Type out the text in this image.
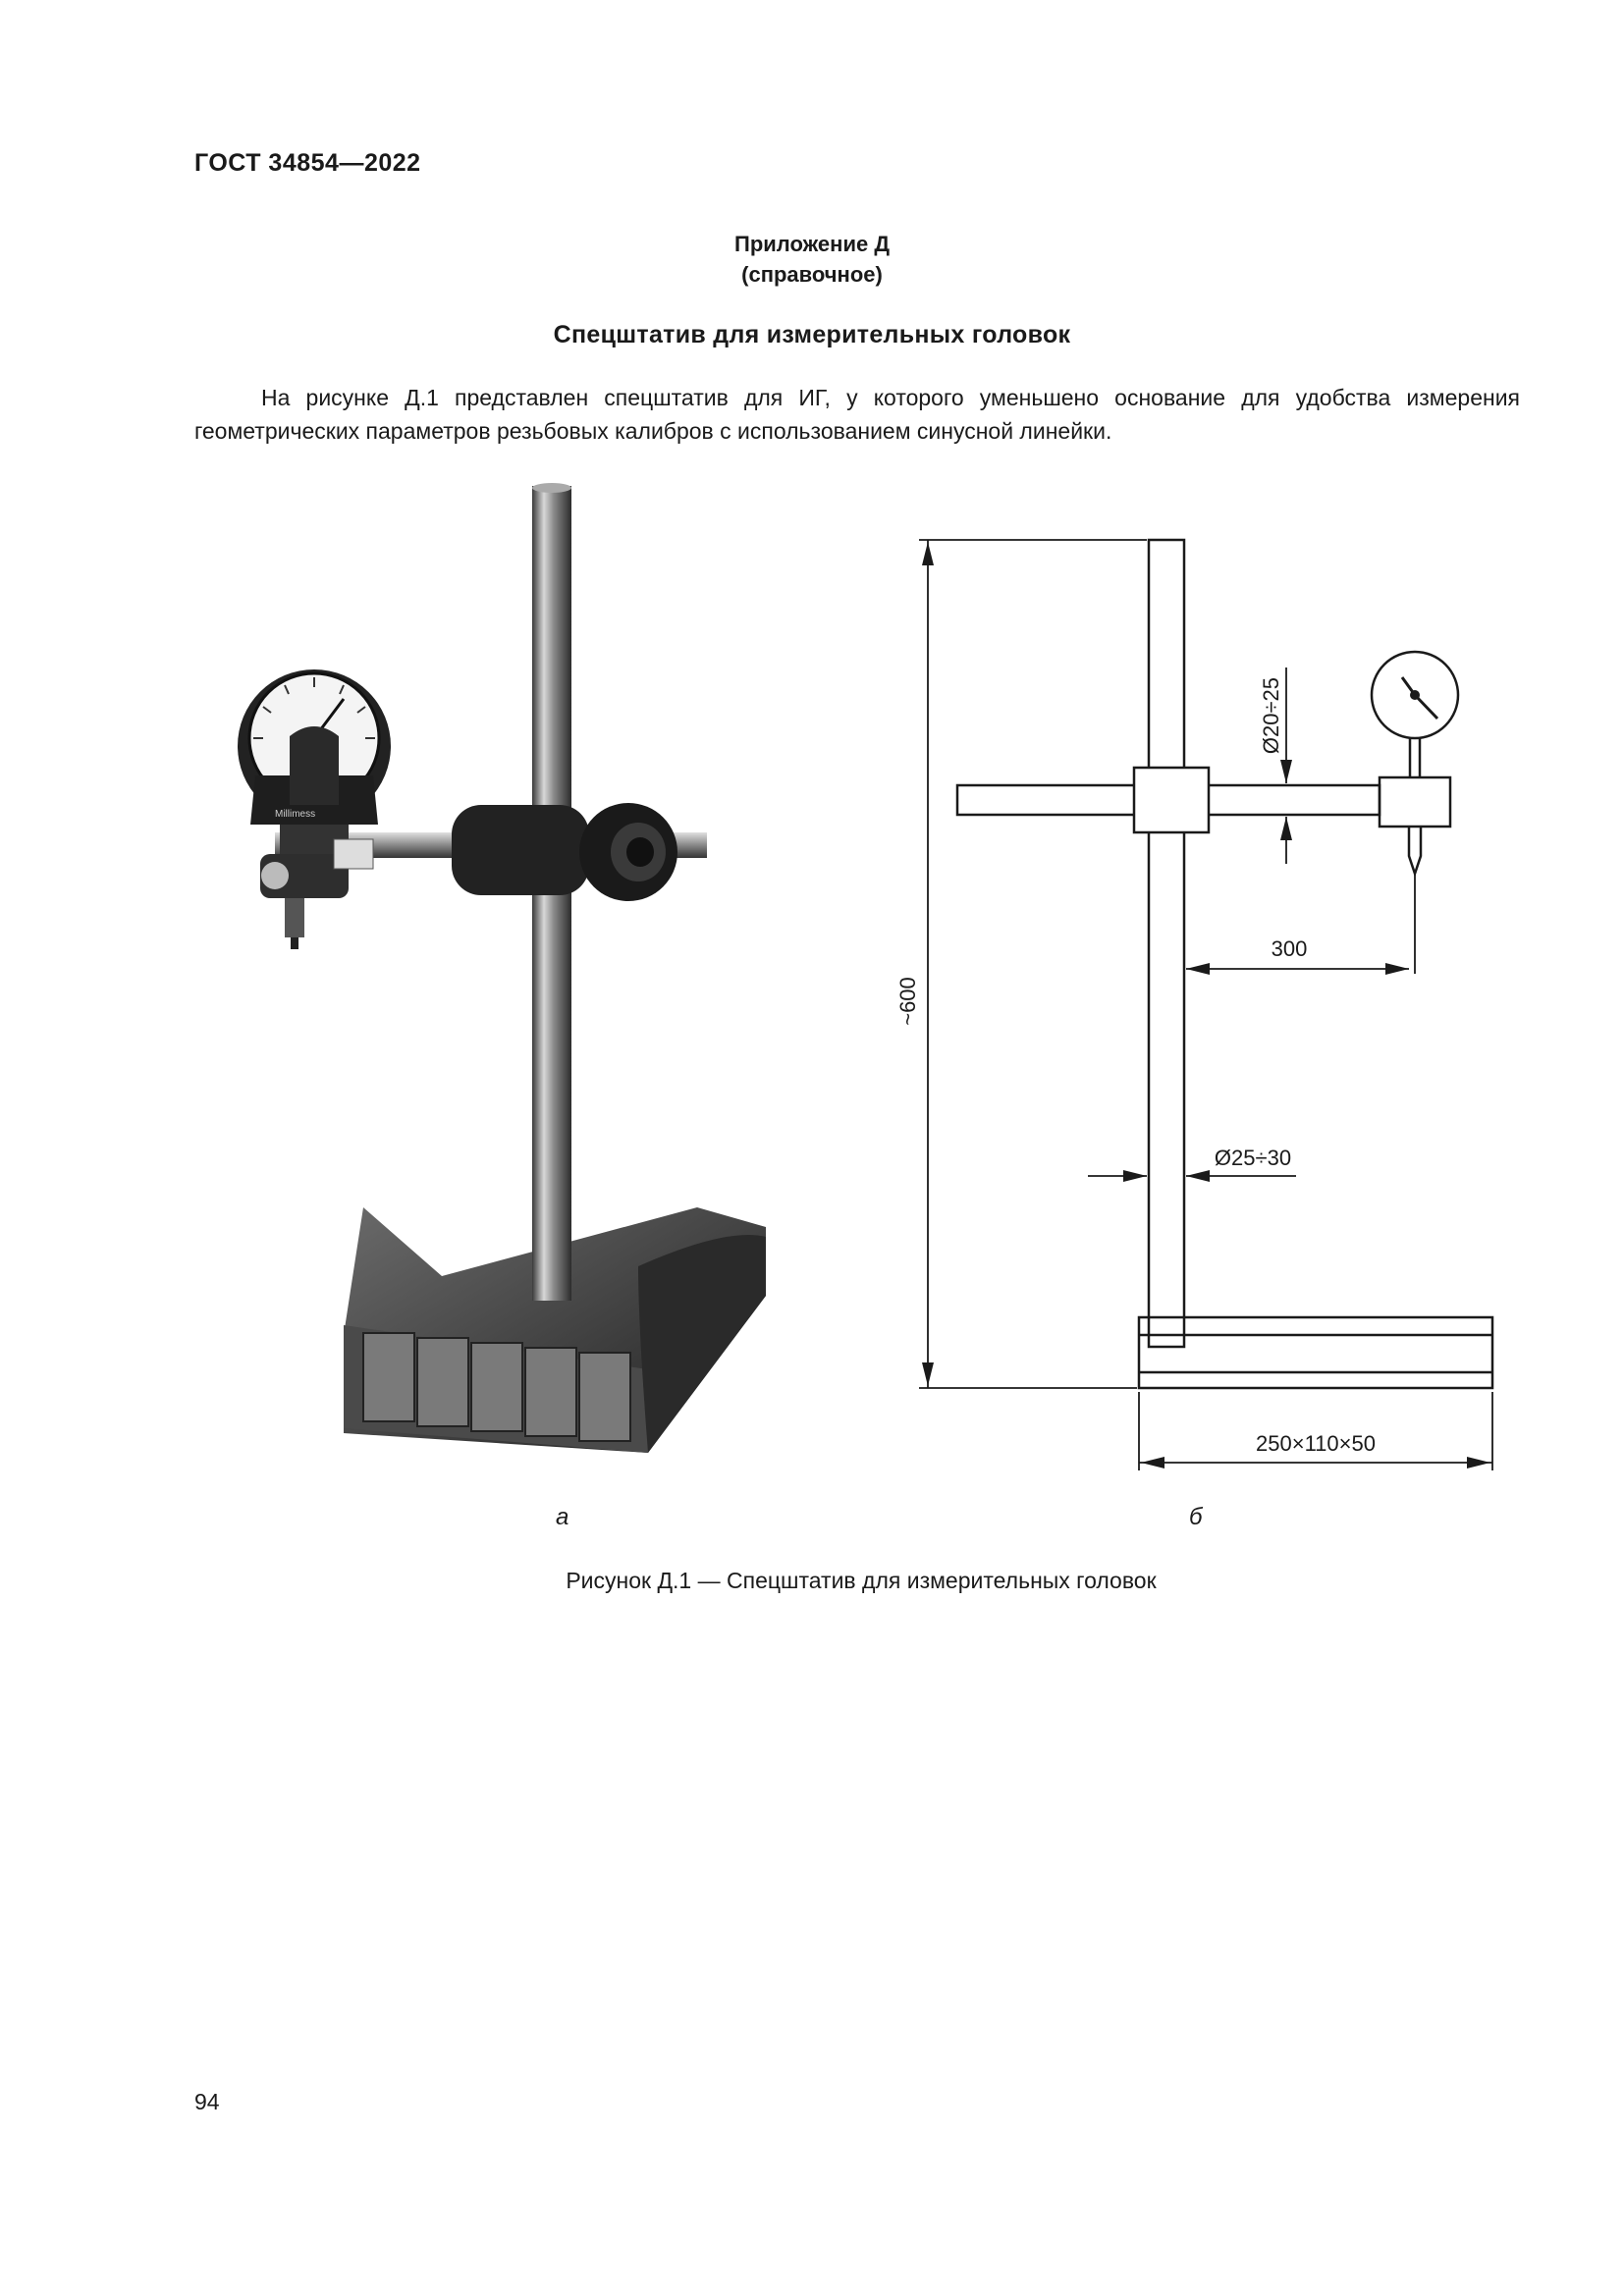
ГОСТ 34854—2022
Приложение Д
(справочное)
Спецштатив для измерительных головок
На рисунке Д.1 представлен спецштатив для ИГ, у которого уменьшено основание для удобства измерения геометрических параметров резьбовых калибров с использованием синусной линейки.
Millimess
~600
Ø20÷25
300
Ø25÷30
250×110×50
а	б
Рисунок Д.1 — Спецштатив для измерительных головок
94
